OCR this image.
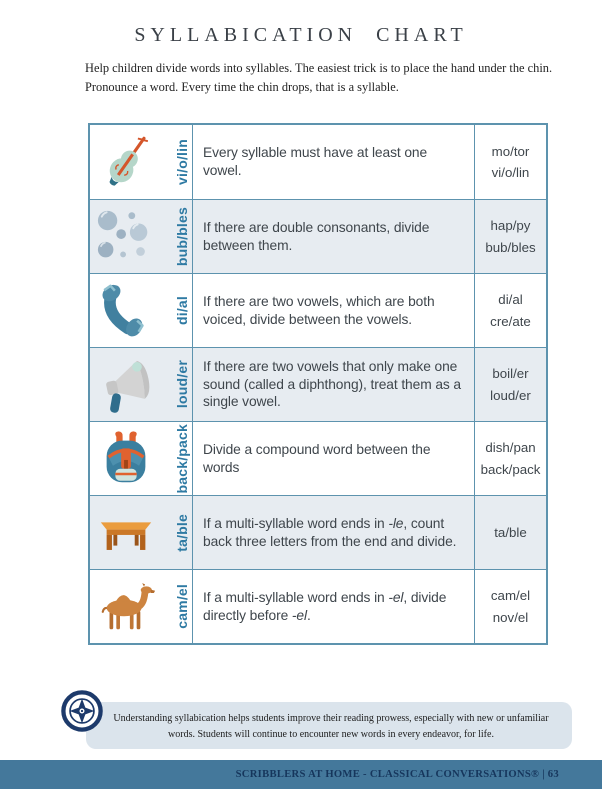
SYLLABICATION CHART

Help children divide words into syllables. The easiest trick is to place the hand under the chin.
Pronounce a word. Every time the chin drops, that is a syllable.

vi/o/lin Every syllable must have at least one vowel.

mo/tor
vi/o/lin
bub/bles If there are double consonants, divide between them.

hap/py
bub/bles
di/al If there are two vowels, which are both voiced, divide between the vowels.

di/al
cre/ate
loud/er If there are two vowels that only make one sound (called a diphthong), treat them as a single vowel.

boil/er
loud/er
back/pack Divide a compound word between the words

dish/pan
back/pack
ta/ble If a multi-syllable word ends in -le, count back three letters from the end and divide.

ta/ble
cam/el If a multi-syllable word ends in -el, divide directly before -el.

cam/el
nov/el
Understanding syllabication helps students improve their reading prowess, especially with new or unfamiliar words. Students will continue to encounter new words in every endeavor, for life.
SCRIBBLERS AT HOME - CLASSICAL CONVERSATIONS® | 63
